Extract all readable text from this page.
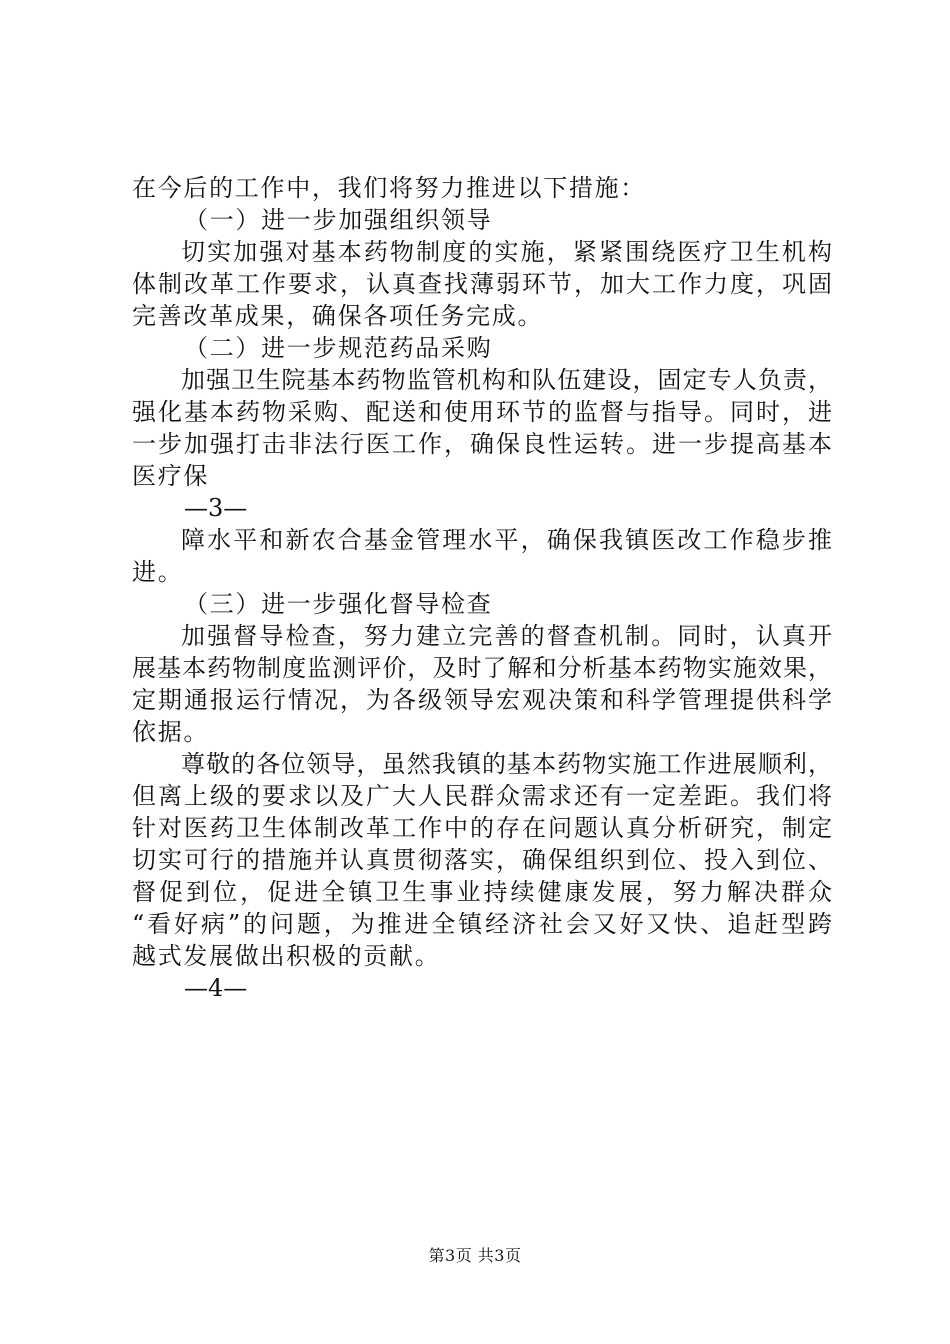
在今后的工作中，我们将努力推进以下措施：
（一）进一步加强组织领导
切实加强对基本药物制度的实施，紧紧围绕医疗卫生机构
体制改革工作要求，认真查找薄弱环节，加大工作力度，巩固
完善改革成果，确保各项任务完成。
（二）进一步规范药品采购
加强卫生院基本药物监管机构和队伍建设，固定专人负责，
强化基本药物采购、配送和使用环节的监督与指导。同时，进
一步加强打击非法行医工作，确保良性运转。进一步提高基本
医疗保
—3—
障水平和新农合基金管理水平，确保我镇医改工作稳步推
进。
（三）进一步强化督导检查
加强督导检查，努力建立完善的督查机制。同时，认真开
展基本药物制度监测评价，及时了解和分析基本药物实施效果，
定期通报运行情况，为各级领导宏观决策和科学管理提供科学
依据。
尊敬的各位领导，虽然我镇的基本药物实施工作进展顺利，
但离上级的要求以及广大人民群众需求还有一定差距。我们将
针对医药卫生体制改革工作中的存在问题认真分析研究，制定
切实可行的措施并认真贯彻落实，确保组织到位、投入到位、
督促到位，促进全镇卫生事业持续健康发展，努力解决群众
“看好病”的问题，为推进全镇经济社会又好又快、追赶型跨
越式发展做出积极的贡献。
—4—
第3页 共3页
